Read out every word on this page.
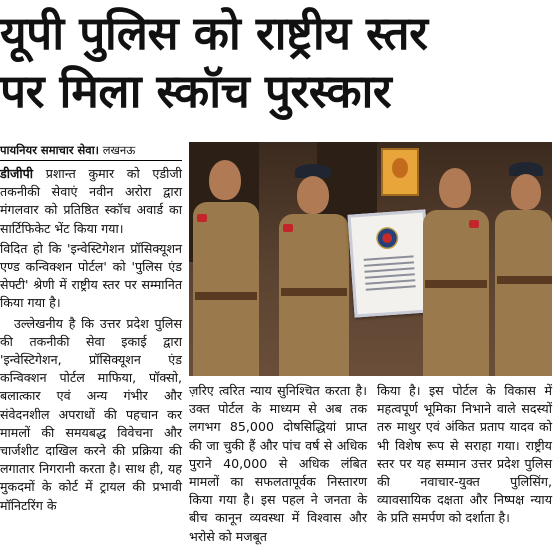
यूपी पुलिस को राष्ट्रीय स्तर
पर मिला स्कॉच पुरस्कार
पायनियर समाचार सेवा। लखनऊ

डीजीपी प्रशान्त कुमार को एडीजी तकनीकी सेवाएं नवीन अरोरा द्वारा मंगलवार को प्रतिष्ठित स्कॉच अवार्ड का सार्टिफिकेट भेंट किया गया।

विदित हो कि 'इन्वेस्टिगेशन प्रॉसिक्यूशन एण्ड कन्विक्शन पोर्टल' को 'पुलिस एंड सेफ्टी' श्रेणी में राष्ट्रीय स्तर पर सम्मानित किया गया है।

उल्लेखनीय है कि उत्तर प्रदेश पुलिस की तकनीकी सेवा इकाई द्वारा 'इन्वेस्टिगेशन, प्रॉसिक्यूशन एंड कन्विक्शन पोर्टल माफिया, पॉक्सो, बलात्कार एवं अन्य गंभीर और संवेदनशील अपराधों की पहचान कर मामलों की समयबद्ध विवेचना और चार्जशीट दाखिल करने की प्रक्रिया की लगातार निगरानी करता है। साथ ही, यह मुकदमों के कोर्ट में ट्रायल की प्रभावी मॉनिटरिंग के

ज़रिए त्वरित न्याय सुनिश्चित करता है। उक्त पोर्टल के माध्यम से अब तक लगभग 85,000 दोषसिद्धियां प्राप्त की जा चुकी हैं और पांच वर्ष से अधिक पुराने 40,000 से अधिक लंबित मामलों का सफलतापूर्वक निस्तारण किया गया है। इस पहल ने जनता के बीच कानून व्यवस्था में विश्वास और भरोसे को मजबूत

किया है। इस पोर्टल के विकास में महत्वपूर्ण भूमिका निभाने वाले सदस्यों तरु माथुर एवं अंकित प्रताप यादव को भी विशेष रूप से सराहा गया। राष्ट्रीय स्तर पर यह सम्मान उत्तर प्रदेश पुलिस की नवाचार-युक्त पुलिसिंग, व्यावसायिक दक्षता और निष्पक्ष न्याय के प्रति समर्पण को दर्शाता है।
